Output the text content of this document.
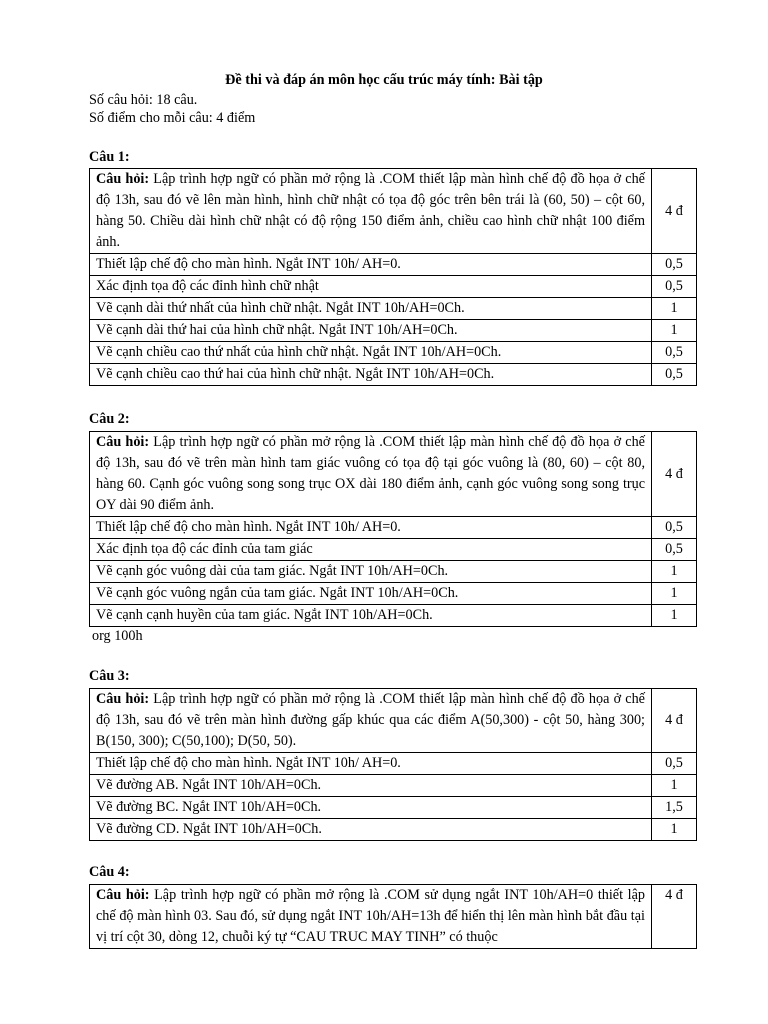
Đề thi và đáp án môn học cấu trúc máy tính: Bài tập
Số câu hỏi: 18 câu.
Số điểm cho mỗi câu: 4 điểm
Câu 1:
Câu hỏi: Lập trình hợp ngữ có phần mở rộng là .COM thiết lập màn hình chế độ đồ họa ở chế độ 13h, sau đó vẽ lên màn hình, hình chữ nhật có tọa độ góc trên bên trái là (60, 50) – cột 60, hàng 50. Chiều dài hình chữ nhật có độ rộng 150 điểm ảnh, chiều cao hình chữ nhật 100 điểm ảnh.	4 đ
Thiết lập chế độ cho màn hình. Ngắt INT 10h/ AH=0.	0,5
Xác định tọa độ các đỉnh hình chữ nhật	0,5
Vẽ cạnh dài thứ nhất của hình chữ nhật. Ngắt INT 10h/AH=0Ch.	1
Vẽ cạnh dài thứ hai của hình chữ nhật. Ngắt INT 10h/AH=0Ch.	1
Vẽ cạnh chiều cao thứ nhất của hình chữ nhật. Ngắt INT 10h/AH=0Ch.	0,5
Vẽ cạnh chiều cao thứ hai của hình chữ nhật. Ngắt INT 10h/AH=0Ch.	0,5
Câu 2:
Câu hỏi: Lập trình hợp ngữ có phần mở rộng là .COM thiết lập màn hình chế độ đồ họa ở chế độ 13h, sau đó vẽ trên màn hình tam giác vuông có tọa độ tại góc vuông là (80, 60) – cột 80, hàng 60. Cạnh góc vuông song song trục OX dài 180 điểm ảnh, cạnh góc vuông song song trục OY dài 90 điểm ảnh.	4 đ
Thiết lập chế độ cho màn hình. Ngắt INT 10h/ AH=0.	0,5
Xác định tọa độ các đỉnh của tam giác	0,5
Vẽ cạnh góc vuông dài của tam giác. Ngắt INT 10h/AH=0Ch.	1
Vẽ cạnh góc vuông ngắn của tam giác. Ngắt INT 10h/AH=0Ch.	1
Vẽ cạnh cạnh huyền của tam giác. Ngắt INT 10h/AH=0Ch.	1
org 100h
Câu 3:
Câu hỏi: Lập trình hợp ngữ có phần mở rộng là .COM thiết lập màn hình chế độ đồ họa ở chế độ 13h, sau đó vẽ trên màn hình đường gấp khúc qua các điểm A(50,300) - cột 50, hàng 300; B(150, 300); C(50,100); D(50, 50).	4 đ
Thiết lập chế độ cho màn hình. Ngắt INT 10h/ AH=0.	0,5
Vẽ đường AB. Ngắt INT 10h/AH=0Ch.	1
Vẽ đường BC. Ngắt INT 10h/AH=0Ch.	1,5
Vẽ đường CD. Ngắt INT 10h/AH=0Ch.	1
Câu 4:
Câu hỏi: Lập trình hợp ngữ có phần mở rộng là .COM sử dụng ngắt INT 10h/AH=0 thiết lập chế độ màn hình 03. Sau đó, sử dụng ngắt INT 10h/AH=13h để hiển thị lên màn hình bắt đầu tại vị trí cột 30, dòng 12, chuỗi ký tự “CAU TRUC MAY TINH” có thuộc
	4 đ
